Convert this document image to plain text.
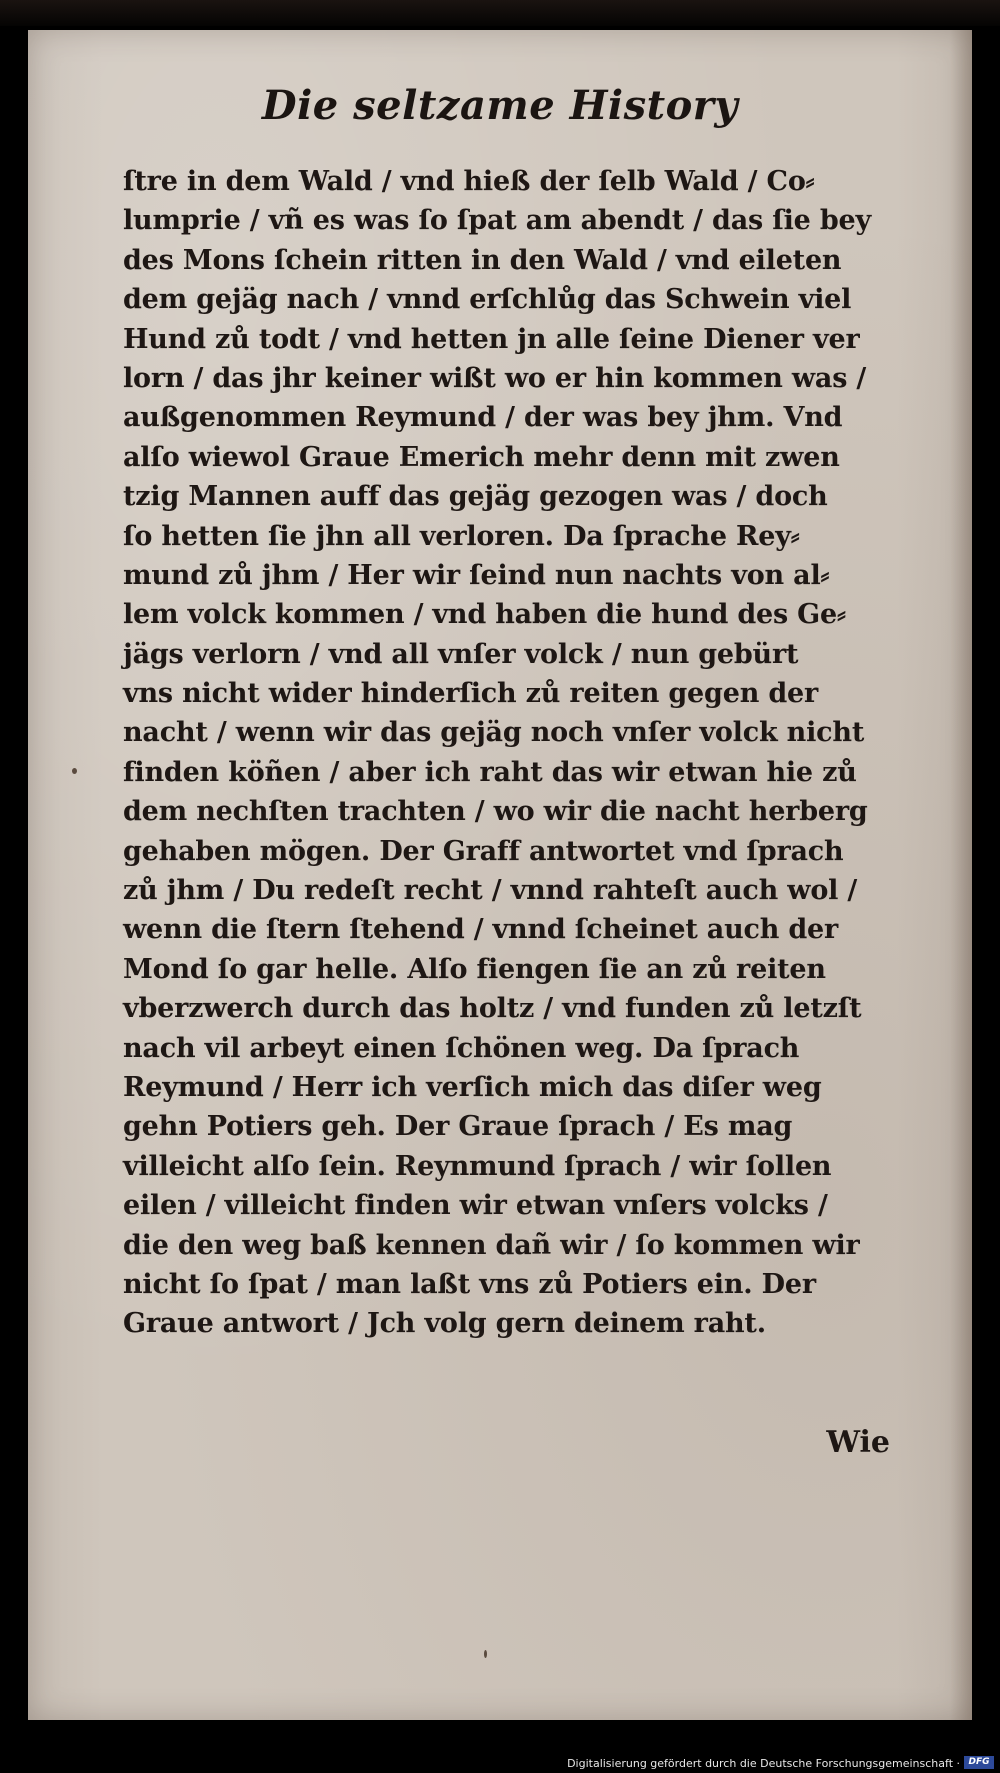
Die seltzame History
ſtre in dem Wald / vnd hieß der ſelb Wald / Co⸗
lumprie / vñ es was ſo ſpat am abendt / das ſie bey
des Mons ſchein ritten in den Wald / vnd eileten
dem gejäg nach / vnnd erſchlůg das Schwein viel
Hund zů todt / vnd hetten jn alle ſeine Diener ver
lorn / das jhr keiner wißt wo er hin kommen was /
außgenommen Reymund / der was bey jhm. Vnd
alſo wiewol Graue Emerich mehr denn mit zwen
tzig Mannen auff das gejäg gezogen was / doch
ſo hetten ſie jhn all verloren. Da ſprache Rey⸗
mund zů jhm / Her wir ſeind nun nachts von al⸗
lem volck kommen / vnd haben die hund des Ge⸗
jägs verlorn / vnd all vnſer volck / nun gebürt
vns nicht wider hinderſich zů reiten gegen der
nacht / wenn wir das gejäg noch vnſer volck nicht
finden köñen / aber ich raht das wir etwan hie zů
dem nechſten trachten / wo wir die nacht herberg
gehaben mögen. Der Graff antwortet vnd ſprach
zů jhm / Du redeſt recht / vnnd rahteſt auch wol /
wenn die ſtern ſtehend / vnnd ſcheinet auch der
Mond ſo gar helle. Alſo fiengen ſie an zů reiten
vberzwerch durch das holtz / vnd funden zů letzſt
nach vil arbeyt einen ſchönen weg. Da ſprach
Reymund / Herr ich verſich mich das diſer weg
gehn Potiers geh. Der Graue ſprach / Es mag
villeicht alſo ſein. Reynmund ſprach / wir ſollen
eilen / villeicht finden wir etwan vnſers volcks /
die den weg baß kennen dañ wir / ſo kommen wir
nicht ſo ſpat / man laßt vns zů Potiers ein. Der
Graue antwort / Jch volg gern deinem raht.
Wie
Digitalisierung gefördert durch die Deutsche Forschungsgemeinschaft · DFG
